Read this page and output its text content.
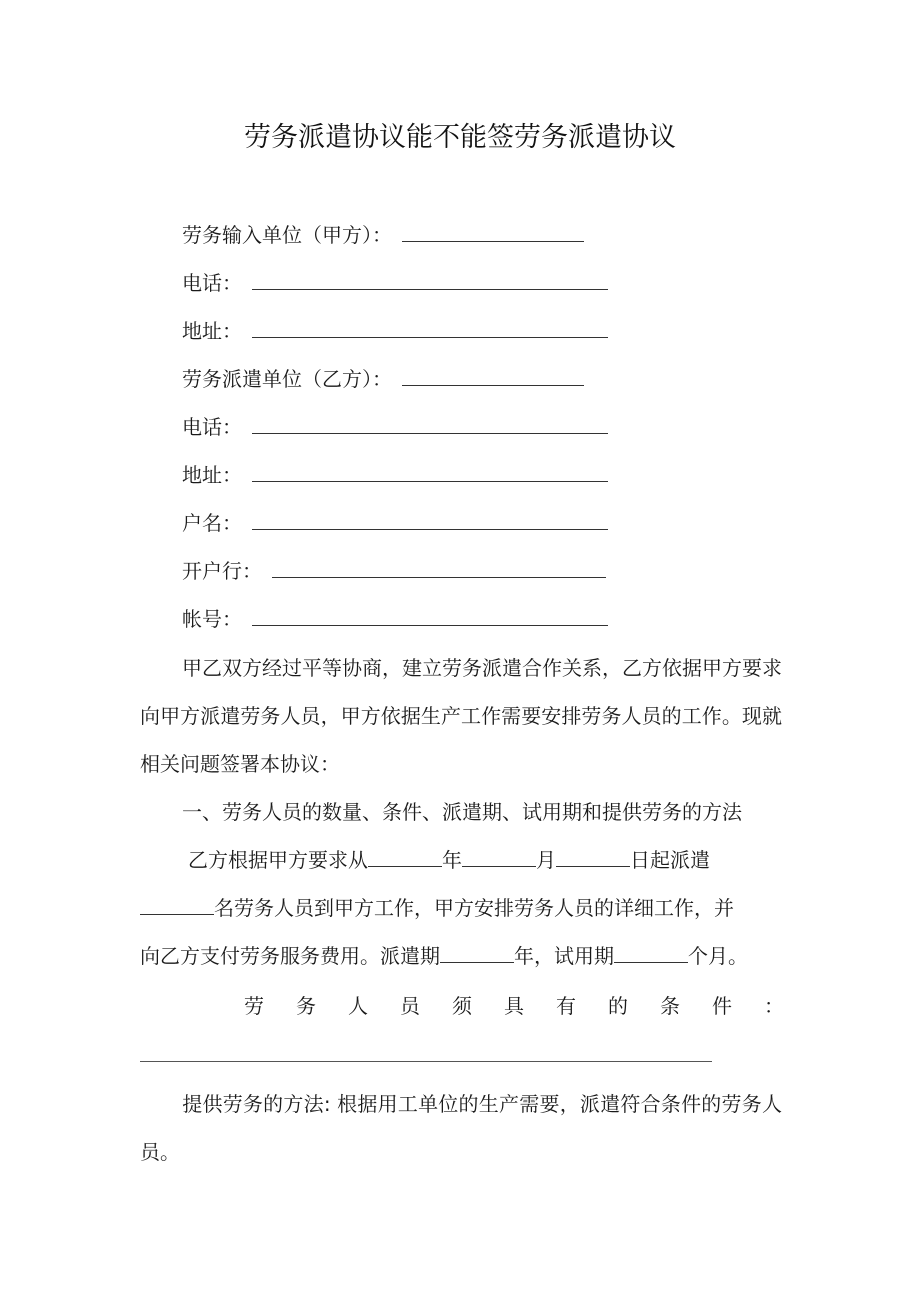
劳务派遣协议能不能签劳务派遣协议
劳务输入单位（甲方）：
电话：
地址：
劳务派遣单位（乙方）：
电话：
地址：
户名：
开户行：
帐号：
甲乙双方经过平等协商，建立劳务派遣合作关系，乙方依据甲方要求向甲方派遣劳务人员，甲方依据生产工作需要安排劳务人员的工作。现就相关问题签署本协议：
一、劳务人员的数量、条件、派遣期、试用期和提供劳务的方法
乙方根据甲方要求从	年	月	日起派遣
名劳务人员到甲方工作，甲方安排劳务人员的详细工作，并
向乙方支付劳务服务费用。派遣期	年，试用期	个月。
劳 务 人 员 须 具 有 的 条 件 ：
提供劳务的方法: 根据用工单位的生产需要，派遣符合条件的劳务人员。
